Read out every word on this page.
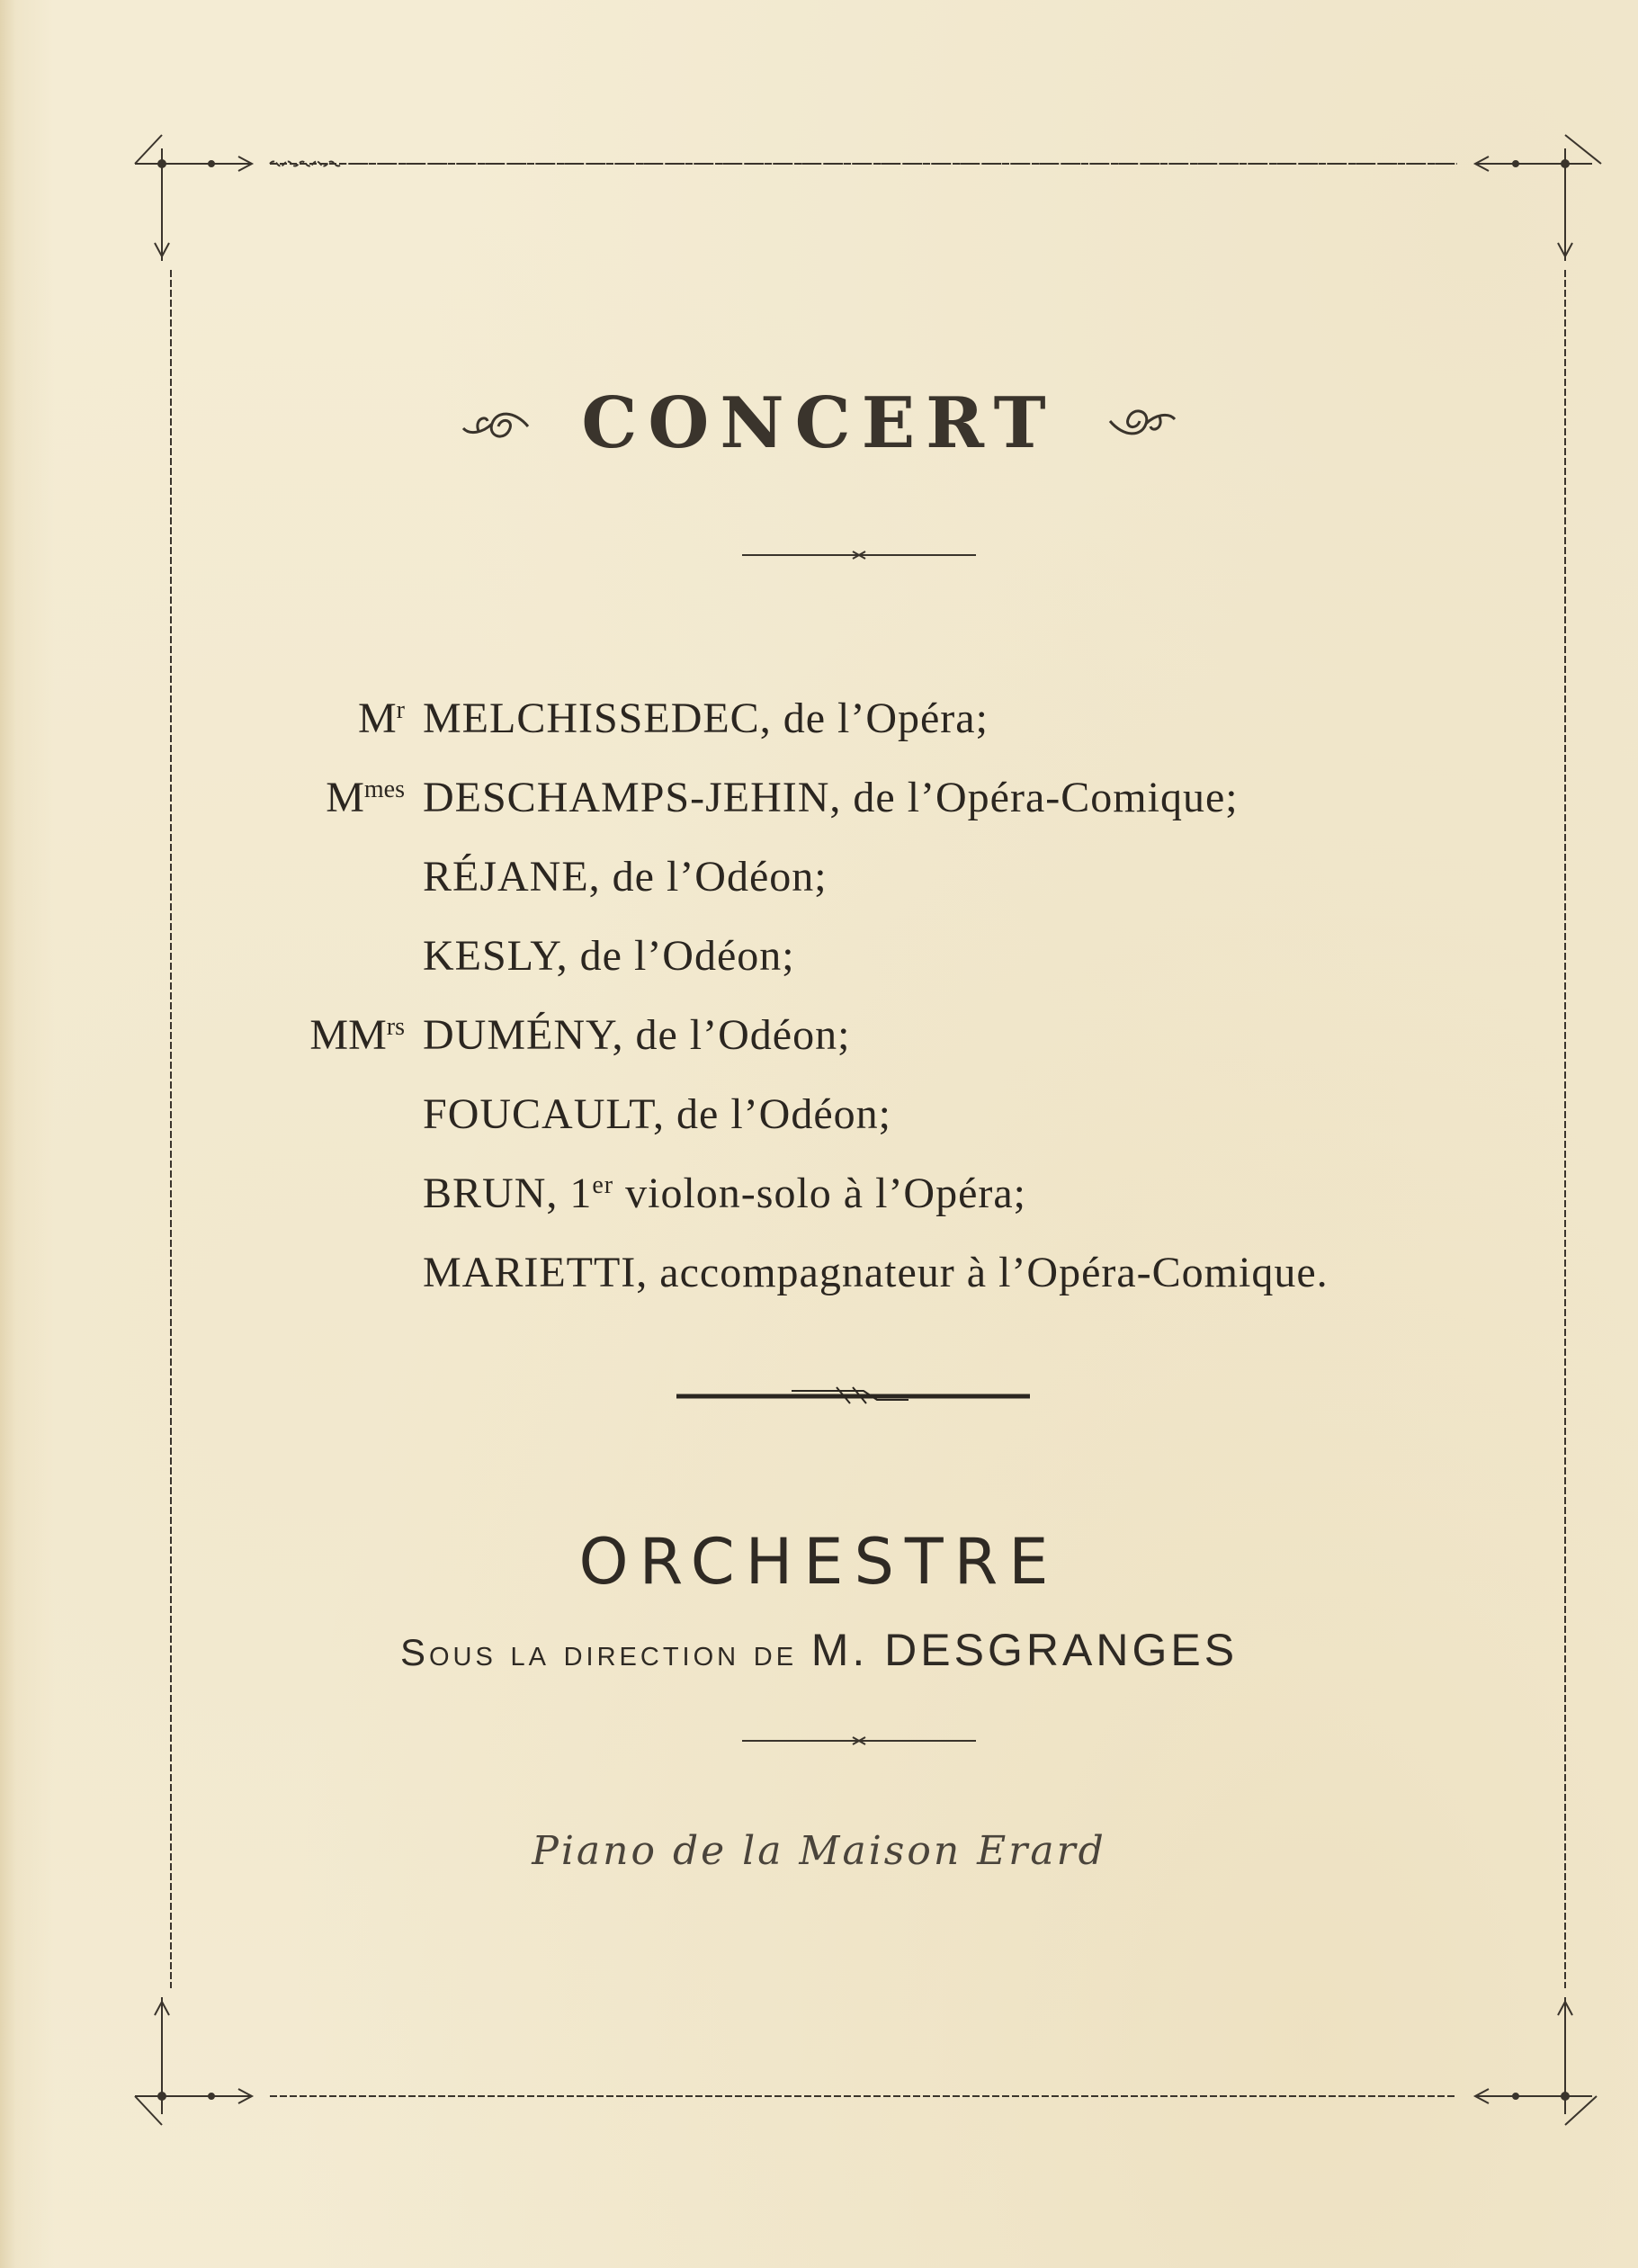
CONCERT
$M^r$ MELCHISSEDEC, de l’Opéra;
$M^{mes}$ DESCHAMPS-JEHIN, de l’Opéra-Comique;
RÉJANE, de l’Odéon;
KESLY, de l’Odéon;
$MM^{rs}$ DUMÉNY, de l’Odéon;
FOUCAULT, de l’Odéon;
BRUN, 1er violon-solo à l’Opéra;
MARIETTI, accompagnateur à l’Opéra-Comique.
ORCHESTRE
Sous la direction de M. DESGRANGES
Piano de la Maison Erard
